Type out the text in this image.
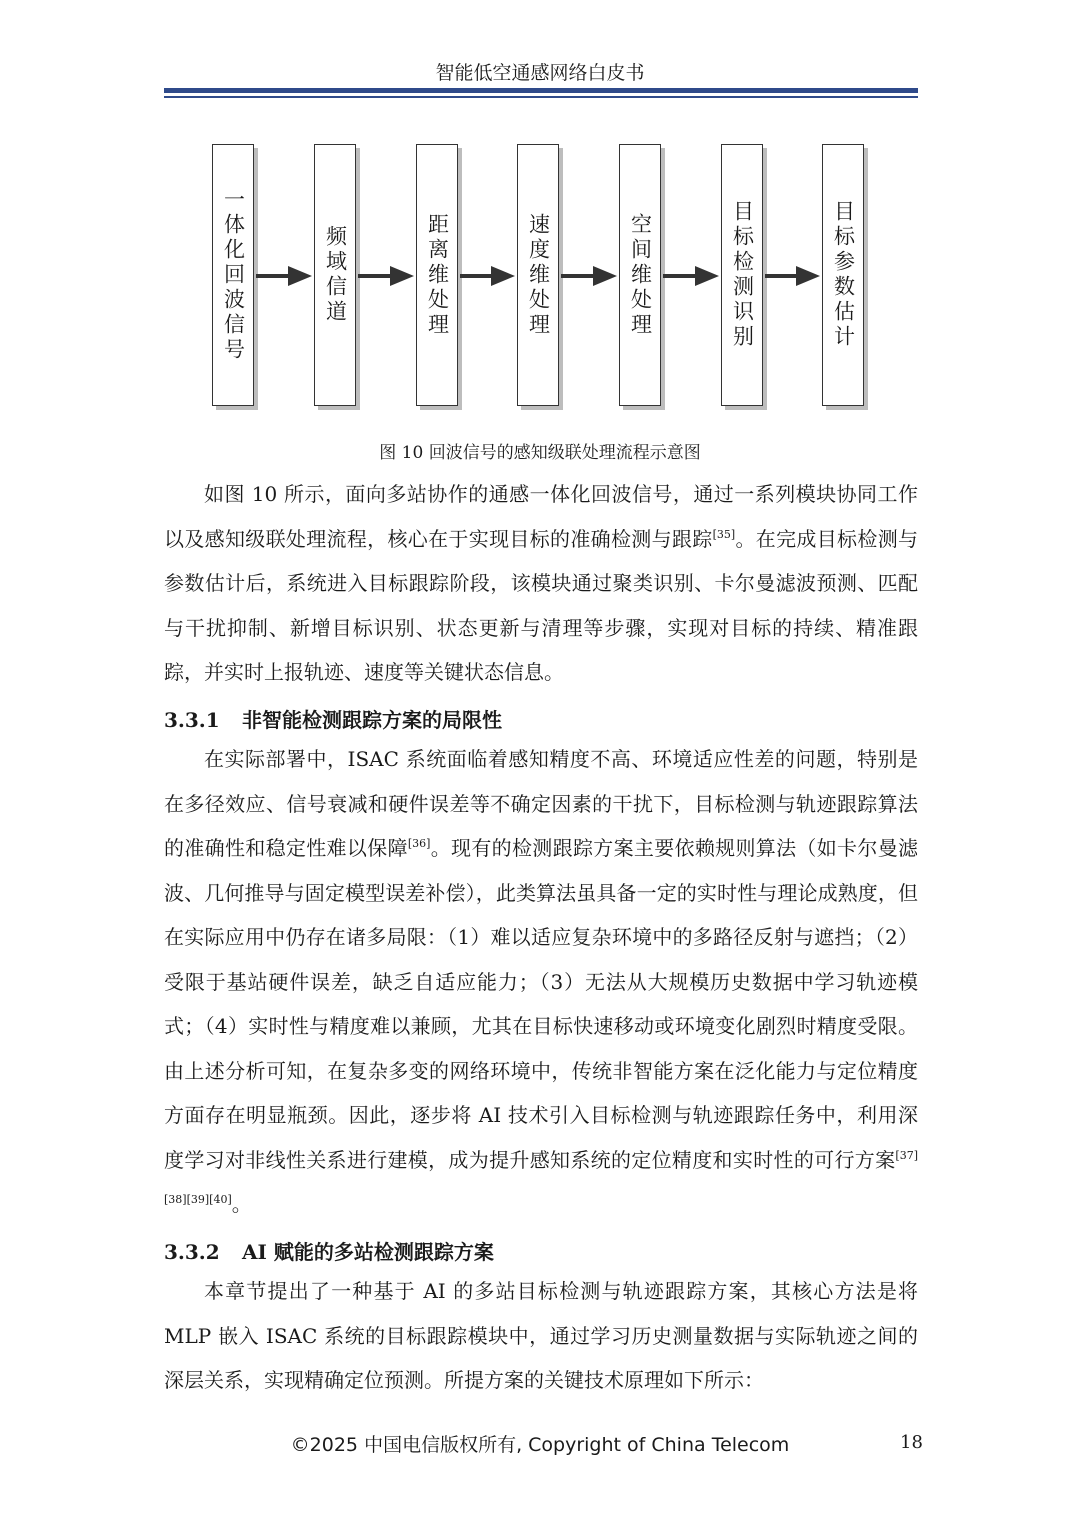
智能低空通感网络白皮书
一体化回波信号	频域信道	距离维处理	速度维处理	空间维处理	目标检测识别	目标参数估计
图 10 回波信号的感知级联处理流程示意图

如图 10 所示，面向多站协作的通感一体化回波信号，通过一系列模块协同工作以及感知级联处理流程，核心在于实现目标的准确检测与跟踪[35]。在完成目标检测与参数估计后，系统进入目标跟踪阶段，该模块通过聚类识别、卡尔曼滤波预测、匹配与干扰抑制、新增目标识别、状态更新与清理等步骤，实现对目标的持续、精准跟踪，并实时上报轨迹、速度等关键状态信息。

3.3.1 非智能检测跟踪方案的局限性

在实际部署中，ISAC 系统面临着感知精度不高、环境适应性差的问题，特别是在多径效应、信号衰减和硬件误差等不确定因素的干扰下，目标检测与轨迹跟踪算法的准确性和稳定性难以保障[36]。现有的检测跟踪方案主要依赖规则算法（如卡尔曼滤波、几何推导与固定模型误差补偿），此类算法虽具备一定的实时性与理论成熟度，但在实际应用中仍存在诸多局限：（1）难以适应复杂环境中的多路径反射与遮挡；（2）受限于基站硬件误差，缺乏自适应能力；（3）无法从大规模历史数据中学习轨迹模式；（4）实时性与精度难以兼顾，尤其在目标快速移动或环境变化剧烈时精度受限。由上述分析可知，在复杂多变的网络环境中，传统非智能方案在泛化能力与定位精度方面存在明显瓶颈。因此，逐步将 AI 技术引入目标检测与轨迹跟踪任务中，利用深度学习对非线性关系进行建模，成为提升感知系统的定位精度和实时性的可行方案[37][38][39][40]。

3.3.2 AI 赋能的多站检测跟踪方案

本章节提出了一种基于 AI 的多站目标检测与轨迹跟踪方案，其核心方法是将 MLP 嵌入 ISAC 系统的目标跟踪模块中，通过学习历史测量数据与实际轨迹之间的深层关系，实现精确定位预测。所提方案的关键技术原理如下所示：

©2025 中国电信版权所有, Copyright of China Telecom	18
